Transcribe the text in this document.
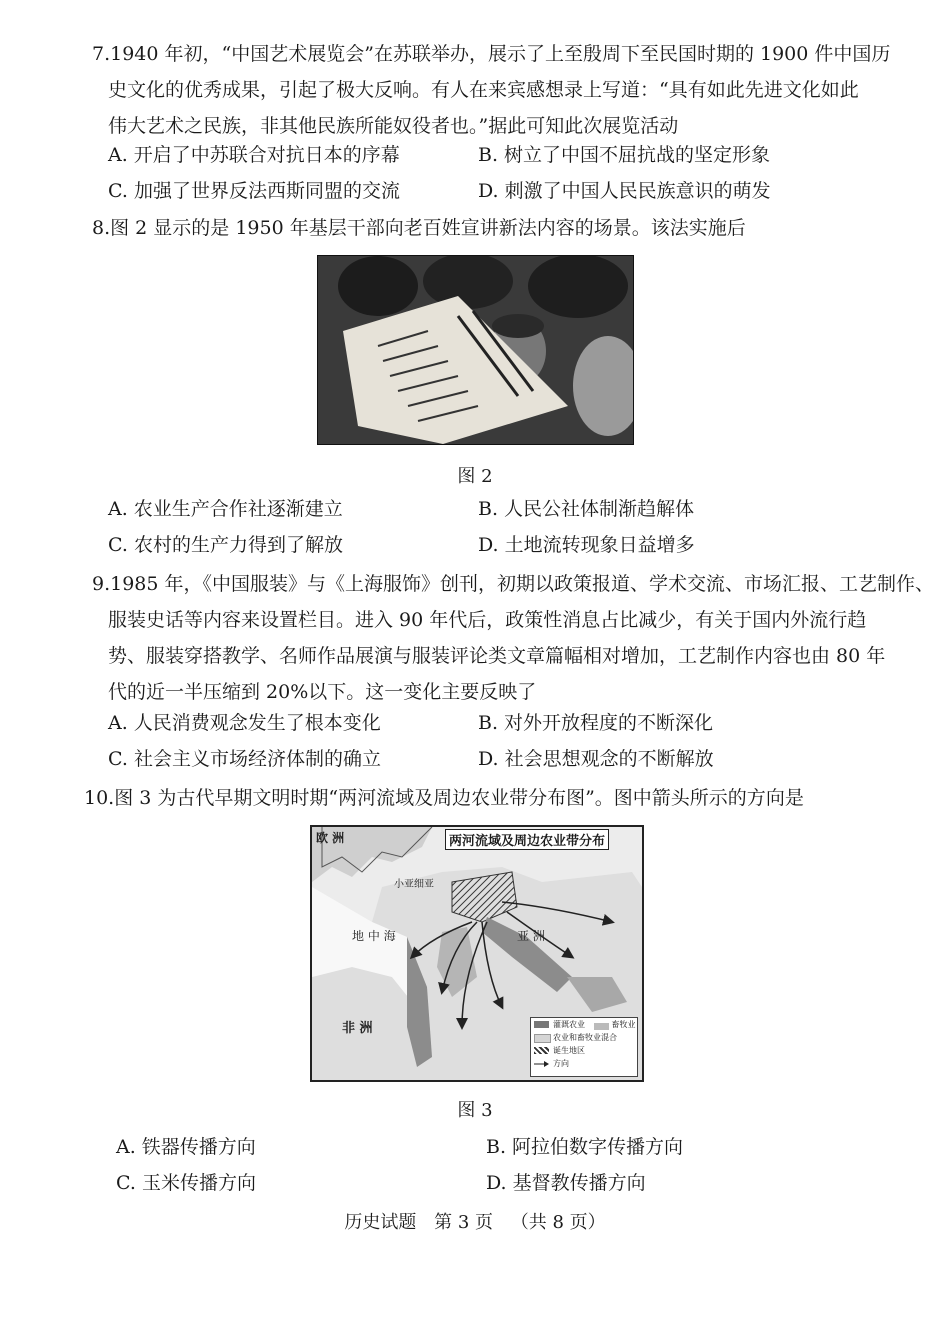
7.1940 年初，“中国艺术展览会”在苏联举办，展示了上至殷周下至民国时期的 1900 件中国历
史文化的优秀成果，引起了极大反响。有人在来宾感想录上写道：“具有如此先进文化如此
伟大艺术之民族，非其他民族所能奴役者也。”据此可知此次展览活动
A. 开启了中苏联合对抗日本的序幕	B. 树立了中国不屈抗战的坚定形象
C. 加强了世界反法西斯同盟的交流	D. 刺激了中国人民民族意识的萌发
8.图 2 显示的是 1950 年基层干部向老百姓宣讲新法内容的场景。该法实施后
图 2
A. 农业生产合作社逐渐建立	B. 人民公社体制渐趋解体
C. 农村的生产力得到了解放	D. 土地流转现象日益增多
9.1985 年，《中国服装》与《上海服饰》创刊，初期以政策报道、学术交流、市场汇报、工艺制作、
服装史话等内容来设置栏目。进入 90 年代后，政策性消息占比减少，有关于国内外流行趋
势、服装穿搭教学、名师作品展演与服装评论类文章篇幅相对增加，工艺制作内容也由 80 年
代的近一半压缩到 20%以下。这一变化主要反映了
A. 人民消费观念发生了根本变化	B. 对外开放程度的不断深化
C. 社会主义市场经济体制的确立	D. 社会思想观念的不断解放
10.图 3 为古代早期文明时期“两河流域及周边农业带分布图”。图中箭头所示的方向是
两河流域及周边农业带分布
欧 洲
小亚细亚
地 中 海	亚 洲
非 洲	灌溉农业	畜牧业
农业和畜牧业混合
诞生地区
方向
图 3
A. 铁器传播方向	B. 阿拉伯数字传播方向
C. 玉米传播方向	D. 基督教传播方向
历史试题 第 3 页 （共 8 页）
